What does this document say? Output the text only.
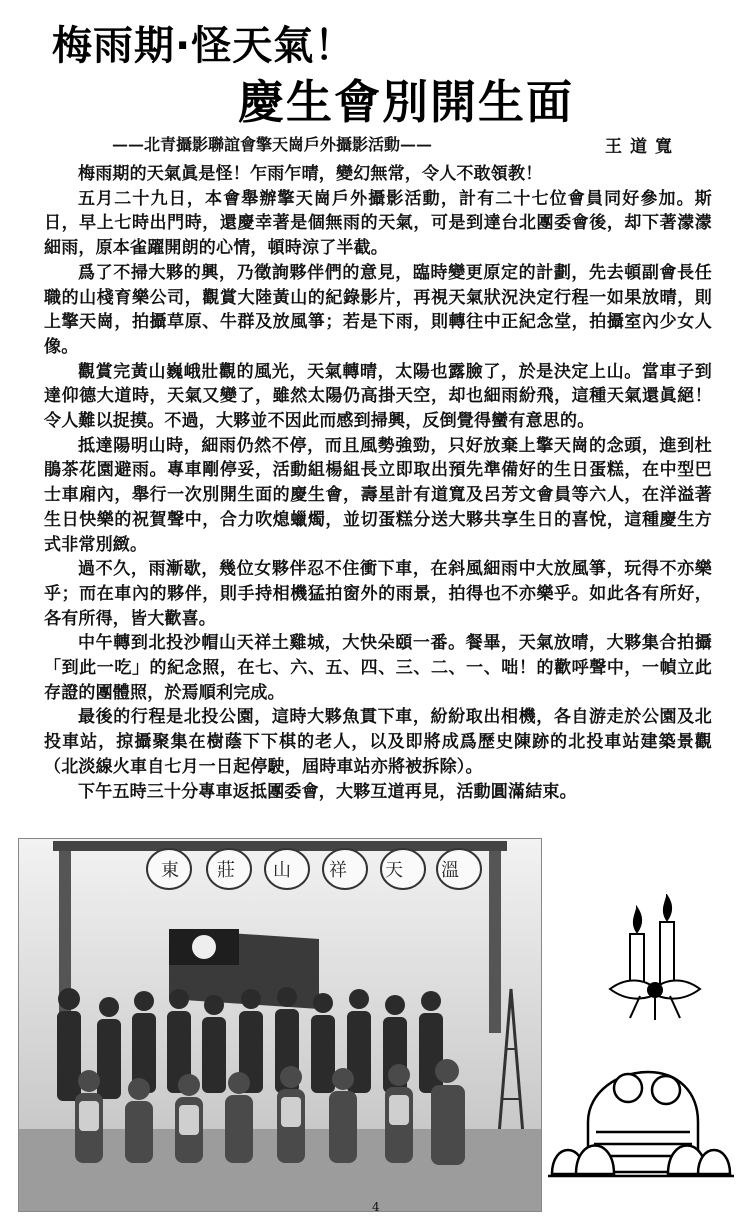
梅雨期·怪天氣！
慶生會別開生面
——北青攝影聯誼會擎天崗戶外攝影活動——	王道寬

梅雨期的天氣眞是怪！乍雨乍晴，變幻無常，令人不敢領教！

五月二十九日，本會舉辦擎天崗戶外攝影活動，計有二十七位會員同好參加。斯日，早上七時出門時，還慶幸著是個無雨的天氣，可是到達台北團委會後，却下著濛濛細雨，原本雀躍開朗的心情，頓時涼了半截。

爲了不掃大夥的興，乃徵詢夥伴們的意見，臨時變更原定的計劃，先去頓副會長任職的山棧育樂公司，觀賞大陸黃山的紀錄影片，再視天氣狀況決定行程一如果放晴，則上擎天崗，拍攝草原、牛群及放風箏；若是下雨，則轉往中正紀念堂，拍攝室內少女人像。

觀賞完黃山巍峨壯觀的風光，天氣轉晴，太陽也露臉了，於是決定上山。當車子到達仰德大道時，天氣又變了，雖然太陽仍高掛天空，却也細雨紛飛，這種天氣還眞絕！令人難以捉摸。不過，大夥並不因此而感到掃興，反倒覺得蠻有意思的。

抵達陽明山時，細雨仍然不停，而且風勢強勁，只好放棄上擎天崗的念頭，進到杜鵑茶花園避雨。專車剛停妥，活動組楊組長立即取出預先準備好的生日蛋糕，在中型巴士車廂內，舉行一次別開生面的慶生會，壽星計有道寬及呂芳文會員等六人，在洋溢著生日快樂的祝賀聲中，合力吹熄蠟燭，並切蛋糕分送大夥共享生日的喜悅，這種慶生方式非常別緻。

過不久，雨漸歇，幾位女夥伴忍不住衝下車，在斜風細雨中大放風箏，玩得不亦樂乎；而在車內的夥伴，則手持相機猛拍窗外的雨景，拍得也不亦樂乎。如此各有所好，各有所得，皆大歡喜。

中午轉到北投沙帽山天祥土雞城，大快朵頤一番。餐畢，天氣放晴，大夥集合拍攝「到此一吃」的紀念照，在七、六、五、四、三、二、一、咄！的歡呼聲中，一幀立此存證的團體照，於焉順利完成。

最後的行程是北投公園，這時大夥魚貫下車，紛紛取出相機，各自游走於公園及北投車站，掠攝聚集在樹蔭下下棋的老人，以及即將成爲歷史陳跡的北投車站建築景觀（北淡線火車自七月一日起停駛，屆時車站亦將被拆除）。

下午五時三十分專車返抵團委會，大夥互道再見，活動圓滿結束。

東莊山祥天溫
4
